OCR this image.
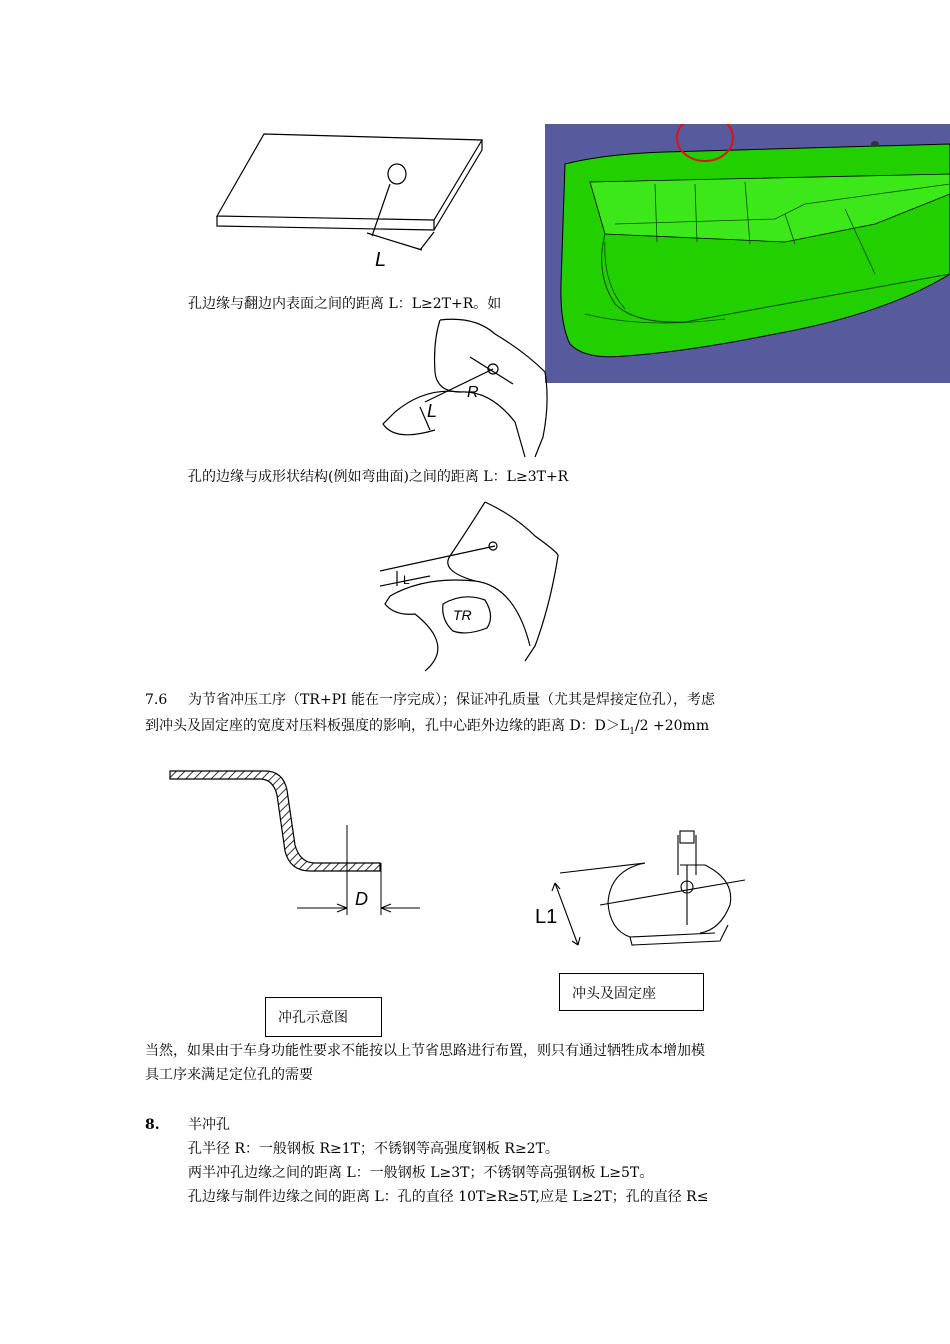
L
孔边缘与翻边内表面之间的距离 L：L≥2T+R。如
L
R
孔的边缘与成形状结构(例如弯曲面)之间的距离 L：L≥3T+R
L
TR
7.6 为节省冲压工序（TR+PI 能在一序完成）；保证冲孔质量（尤其是焊接定位孔），考虑
到冲头及固定座的宽度对压料板强度的影响，孔中心距外边缘的距离 D：$D>L_1/2 +20mm$
D
冲孔示意图
L1
冲头及固定座
当然，如果由于车身功能性要求不能按以上节省思路进行布置，则只有通过牺牲成本增加模
具工序来满足定位孔的需要
8. 半冲孔
孔半径 R：一般钢板 R≥1T；不锈钢等高强度钢板 R≥2T。
两半冲孔边缘之间的距离 L：一般钢板 L≥3T；不锈钢等高强钢板 L≥5T。
孔边缘与制件边缘之间的距离 L：孔的直径 10T≥R≥5T,应是 L≥2T；孔的直径 R≤
